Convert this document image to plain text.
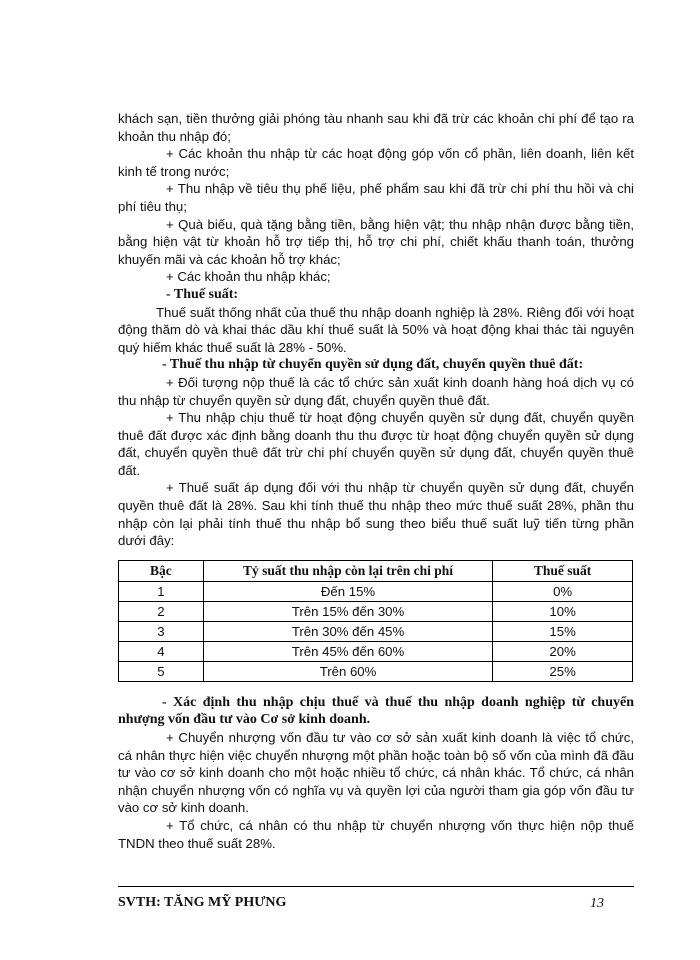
khách sạn, tiền thưởng giải phóng tàu nhanh sau khi đã trừ các khoản chi phí để tạo ra khoản thu nhập đó;

+ Các khoản thu nhập từ các hoạt động góp vốn cổ phần, liên doanh, liên kết kinh tế trong nước;

+ Thu nhập về tiêu thụ phế liệu, phế phẩm sau khi đã trừ chi phí thu hồi và chi phí tiêu thụ;

+ Quà biếu, quà tặng bằng tiền, bằng hiện vật; thu nhập nhận được bằng tiền, bằng hiện vật từ khoản hỗ trợ tiếp thị, hỗ trợ chi phí, chiết khấu thanh toán, thưởng khuyến mãi và các khoản hỗ trợ khác;

+ Các khoản thu nhập khác;

- Thuế suất:

Thuế suất thống nhất của thuế thu nhập doanh nghiệp là 28%. Riêng đối với hoạt động thăm dò và khai thác dầu khí thuế suất là 50% và hoạt động khai thác tài nguyên quý hiếm khác thuế suất là 28% - 50%.

- Thuế thu nhập từ chuyển quyền sử dụng đất, chuyển quyền thuê đất:

+ Đối tượng nộp thuế là các tổ chức sản xuất kinh doanh hàng hoá dịch vụ có thu nhập từ chuyển quyền sử dụng đất, chuyển quyền thuê đất.

+ Thu nhập chịu thuế từ hoạt động chuyển quyền sử dụng đất, chuyển quyền thuê đất được xác định bằng doanh thu thu được từ hoạt động chuyển quyền sử dụng đất, chuyển quyền thuê đất trừ chi phí chuyển quyền sử dụng đất, chuyển quyền thuê đất.

+ Thuế suất áp dụng đối với thu nhập từ chuyển quyền sử dụng đất, chuyển quyền thuê đất là 28%. Sau khi tính thuế thu nhập theo mức thuế suất 28%, phần thu nhập còn lại phải tính thuế thu nhập bổ sung theo biểu thuế suất luỹ tiến từng phần dưới đây:

Bậc	Tỷ suất thu nhập còn lại trên chi phí	Thuế suất
1	Đến 15%	0%
2	Trên 15% đến 30%	10%
3	Trên 30% đến 45%	15%
4	Trên 45% đến 60%	20%
5	Trên 60%	25%

- Xác định thu nhập chịu thuế và thuế thu nhập doanh nghiệp từ chuyển nhượng vốn đầu tư vào Cơ sở kinh doanh.

+ Chuyển nhượng vốn đầu tư vào cơ sở sản xuất kinh doanh là việc tổ chức, cá nhân thực hiện việc chuyển nhượng một phần hoặc toàn bộ số vốn của mình đã đầu tư vào cơ sở kinh doanh cho một hoặc nhiều tổ chức, cá nhân khác. Tổ chức, cá nhân nhận chuyển nhượng vốn có nghĩa vụ và quyền lợi của người tham gia góp vốn đầu tư vào cơ sở kinh doanh.

+ Tổ chức, cá nhân có thu nhập từ chuyển nhượng vốn thực hiện nộp thuế TNDN theo thuế suất 28%.

SVTH: TĂNG MỸ PHƯNG	13
